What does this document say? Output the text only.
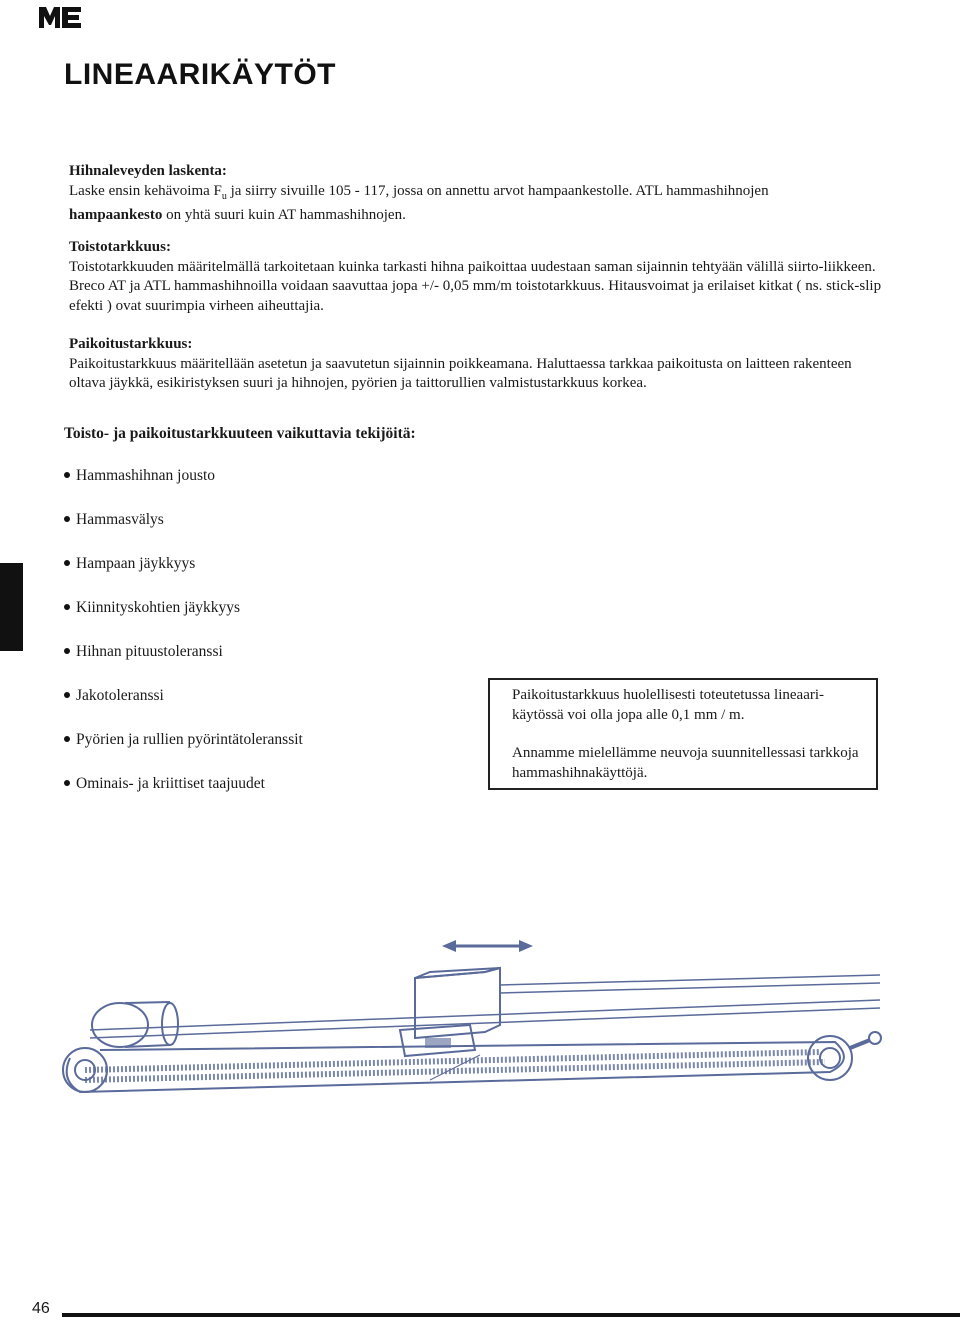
LINEAARIKÄYTÖT
Hihnaleveyden laskenta:

Laske ensin kehävoima $F_u$ ja siirry sivuille 105 - 117, jossa on annettu arvot hampaankestolle. ATL hammashihnojen
hampaankesto on yhtä suuri kuin AT hammashihnojen.

Toistotarkkuus:

Toistotarkkuuden määritelmällä tarkoitetaan kuinka tarkasti hihna paikoittaa uudestaan saman sijainnin tehtyään välillä siirto-liikkeen. Breco AT ja ATL hammashihnoilla voidaan saavuttaa jopa +/- 0,05 mm/m toistotarkkuus. Hitausvoimat ja erilaiset kitkat ( ns. stick-slip efekti ) ovat suurimpia virheen aiheuttajia.

Paikoitustarkkuus:

Paikoitustarkkuus määritellään asetetun ja saavutetun sijainnin poikkeamana. Haluttaessa tarkkaa paikoitusta on laitteen rakenteen oltava jäykkä, esikiristyksen suuri ja hihnojen, pyörien ja taittorullien valmistustarkkuus korkea.

Toisto- ja paikoitustarkkuuteen vaikuttavia tekijöitä:
Hammashihnan jousto
Hammasvälys
Hampaan jäykkyys
Kiinnityskohtien jäykkyys
Hihnan pituustoleranssi
Jakotoleranssi
Pyörien ja rullien pyörintätoleranssit
Ominais- ja kriittiset taajuudet

Paikoitustarkkuus huolellisesti toteutetussa lineaari-käytössä voi olla jopa alle 0,1 mm / m.

Annamme mielellämme neuvoja suunnitellessasi tarkkoja hammashihnakäyttöjä.

46
